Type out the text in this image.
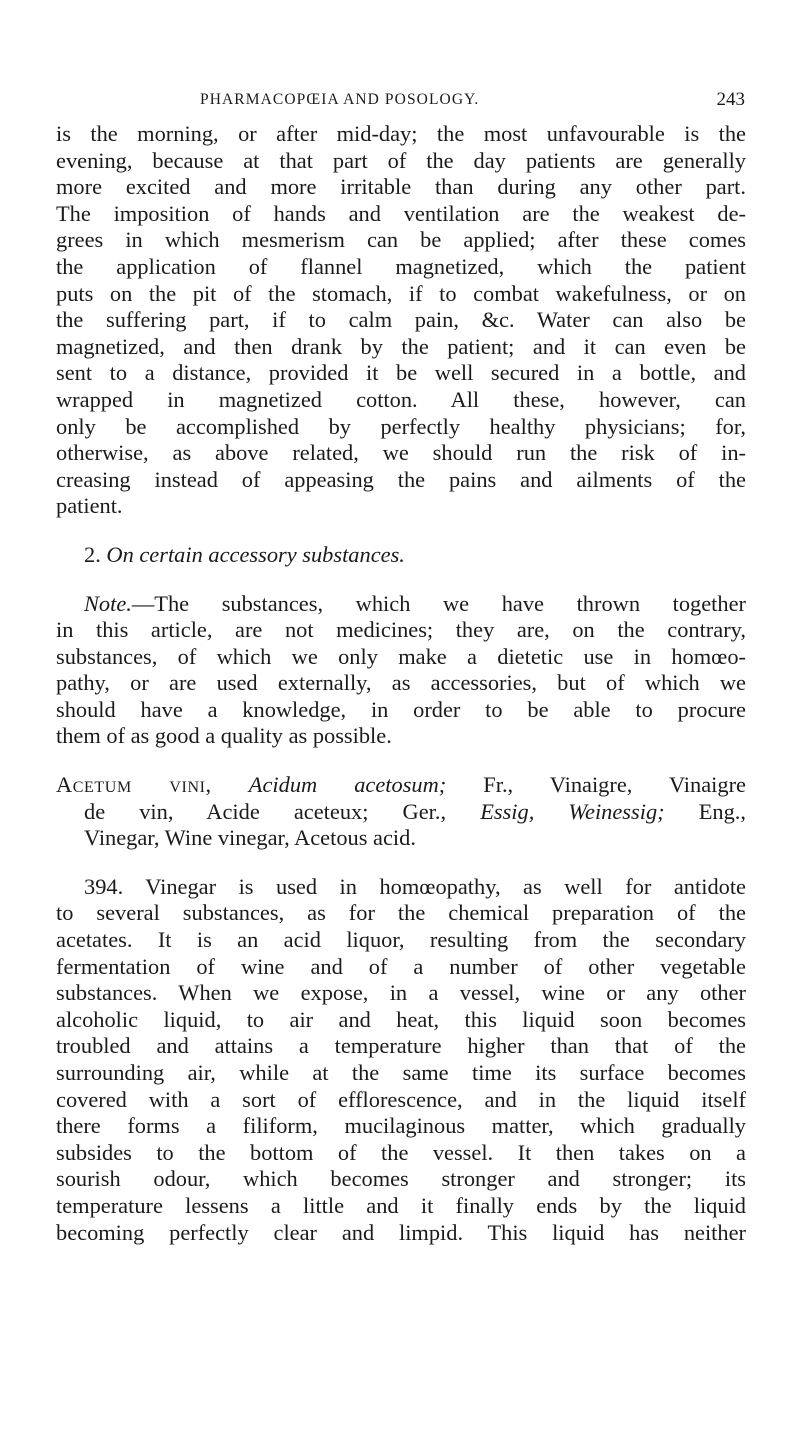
PHARMACOPŒIA AND POSOLOGY.	243

is the morning, or after mid-day; the most unfavourable is the
evening, because at that part of the day patients are generally
more excited and more irritable than during any other part.
The imposition of hands and ventilation are the weakest de-
grees in which mesmerism can be applied; after these comes
the application of flannel magnetized, which the patient
puts on the pit of the stomach, if to combat wakefulness, or on
the suffering part, if to calm pain, &c. Water can also be
magnetized, and then drank by the patient; and it can even be
sent to a distance, provided it be well secured in a bottle, and
wrapped in magnetized cotton. All these, however, can
only be accomplished by perfectly healthy physicians; for,
otherwise, as above related, we should run the risk of in-
creasing instead of appeasing the pains and ailments of the
patient.

2. On certain accessory substances.

Note.—The substances, which we have thrown together
in this article, are not medicines; they are, on the contrary,
substances, of which we only make a dietetic use in homœo-
pathy, or are used externally, as accessories, but of which we
should have a knowledge, in order to be able to procure
them of as good a quality as possible.

Acetum vini, Acidum acetosum; Fr., Vinaigre, Vinaigre
de vin, Acide aceteux; Ger., Essig, Weinessig; Eng.,
Vinegar, Wine vinegar, Acetous acid.

394. Vinegar is used in homœopathy, as well for antidote
to several substances, as for the chemical preparation of the
acetates. It is an acid liquor, resulting from the secondary
fermentation of wine and of a number of other vegetable
substances. When we expose, in a vessel, wine or any other
alcoholic liquid, to air and heat, this liquid soon becomes
troubled and attains a temperature higher than that of the
surrounding air, while at the same time its surface becomes
covered with a sort of efflorescence, and in the liquid itself
there forms a filiform, mucilaginous matter, which gradually
subsides to the bottom of the vessel. It then takes on a
sourish odour, which becomes stronger and stronger; its
temperature lessens a little and it finally ends by the liquid
becoming perfectly clear and limpid. This liquid has neither
